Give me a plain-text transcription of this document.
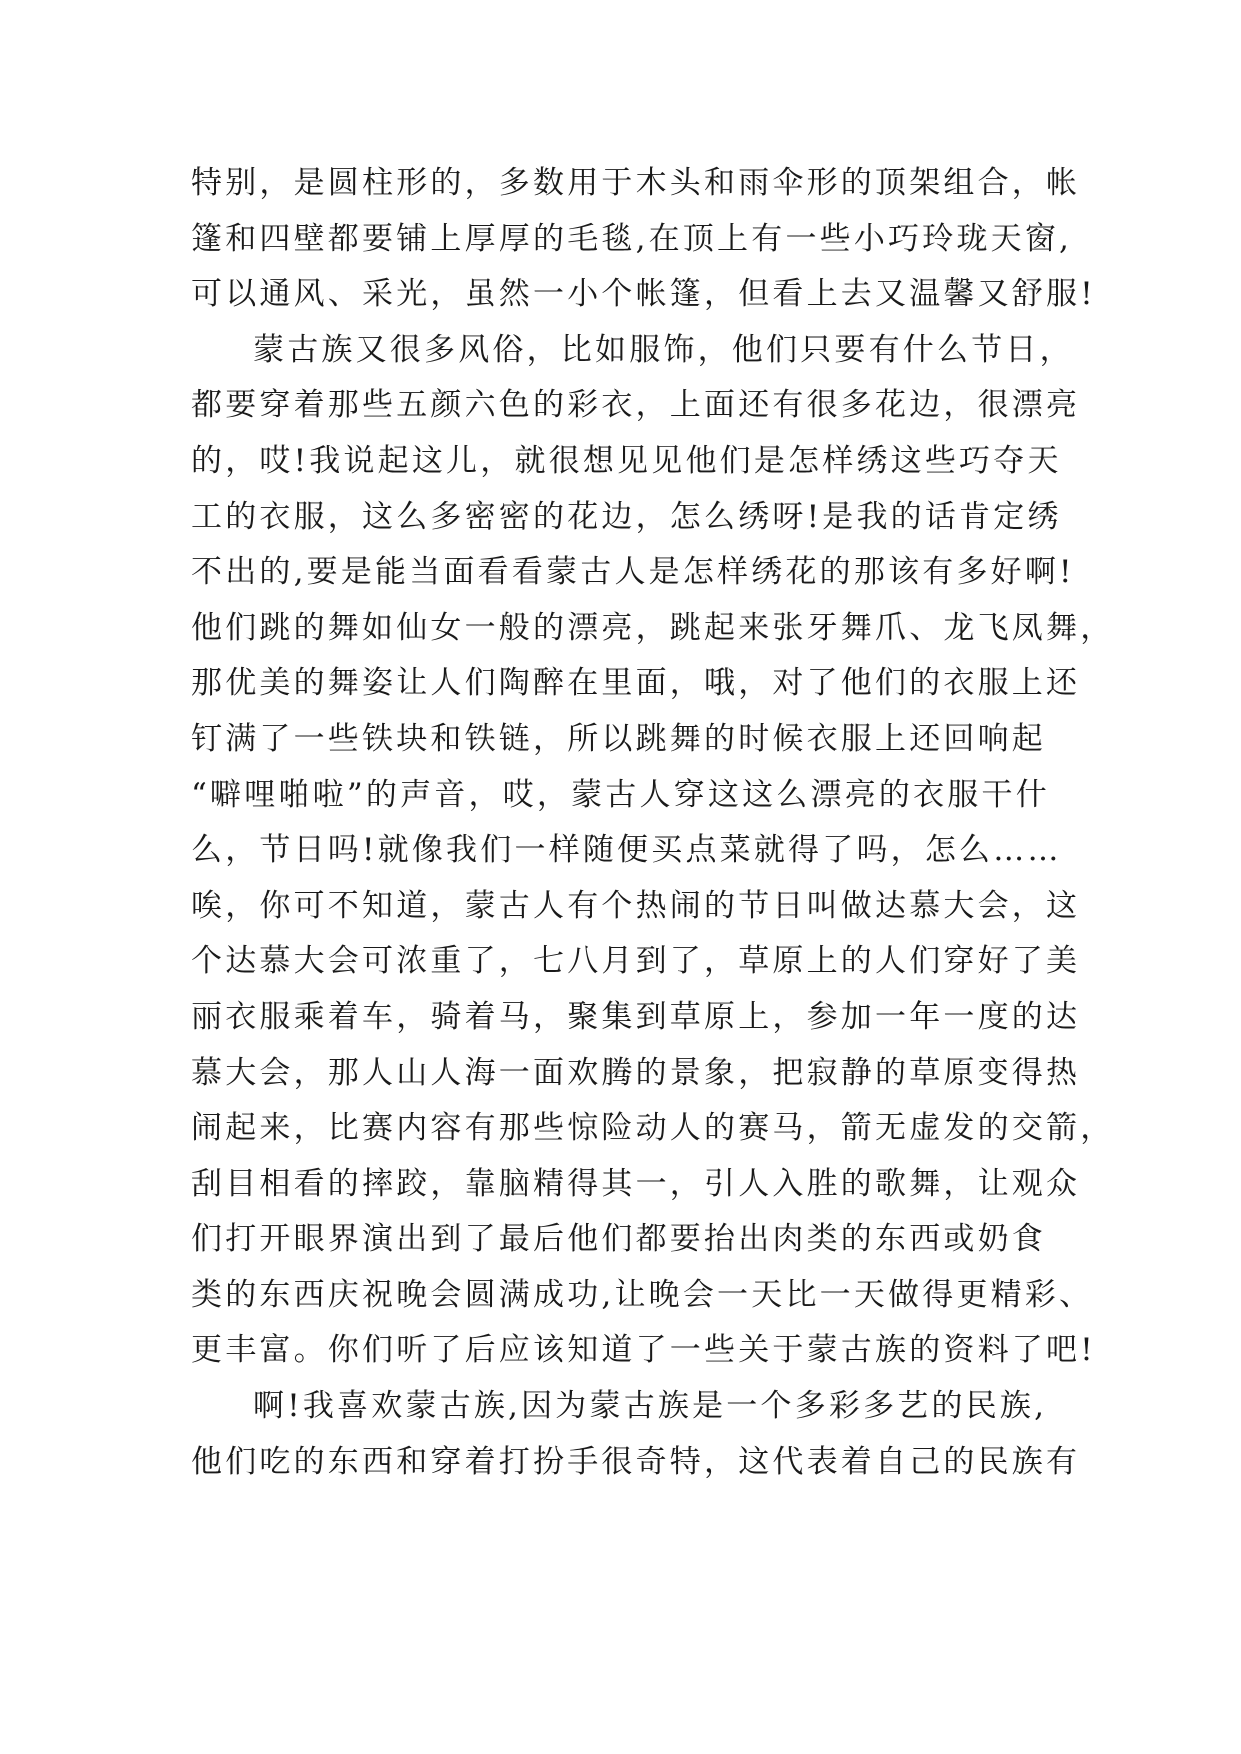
特别，是圆柱形的，多数用于木头和雨伞形的顶架组合，帐
篷和四壁都要铺上厚厚的毛毯,在顶上有一些小巧玲珑天窗,
可以通风、采光，虽然一小个帐篷，但看上去又温馨又舒服!
蒙古族又很多风俗，比如服饰，他们只要有什么节日，
都要穿着那些五颜六色的彩衣，上面还有很多花边，很漂亮
的，哎!我说起这儿，就很想见见他们是怎样绣这些巧夺天
工的衣服，这么多密密的花边，怎么绣呀!是我的话肯定绣
不出的,要是能当面看看蒙古人是怎样绣花的那该有多好啊!
他们跳的舞如仙女一般的漂亮，跳起来张牙舞爪、龙飞凤舞，
那优美的舞姿让人们陶醉在里面，哦，对了他们的衣服上还
钉满了一些铁块和铁链，所以跳舞的时候衣服上还回响起
“噼哩啪啦”的声音，哎，蒙古人穿这这么漂亮的衣服干什
么，节日吗!就像我们一样随便买点菜就得了吗，怎么……
唉，你可不知道，蒙古人有个热闹的节日叫做达慕大会，这
个达慕大会可浓重了，七八月到了，草原上的人们穿好了美
丽衣服乘着车，骑着马，聚集到草原上，参加一年一度的达
慕大会，那人山人海一面欢腾的景象，把寂静的草原变得热
闹起来，比赛内容有那些惊险动人的赛马，箭无虚发的交箭，
刮目相看的摔跤，靠脑精得其一，引人入胜的歌舞，让观众
们打开眼界演出到了最后他们都要抬出肉类的东西或奶食
类的东西庆祝晚会圆满成功,让晚会一天比一天做得更精彩、
更丰富。你们听了后应该知道了一些关于蒙古族的资料了吧!
啊!我喜欢蒙古族,因为蒙古族是一个多彩多艺的民族,
他们吃的东西和穿着打扮手很奇特，这代表着自己的民族有
